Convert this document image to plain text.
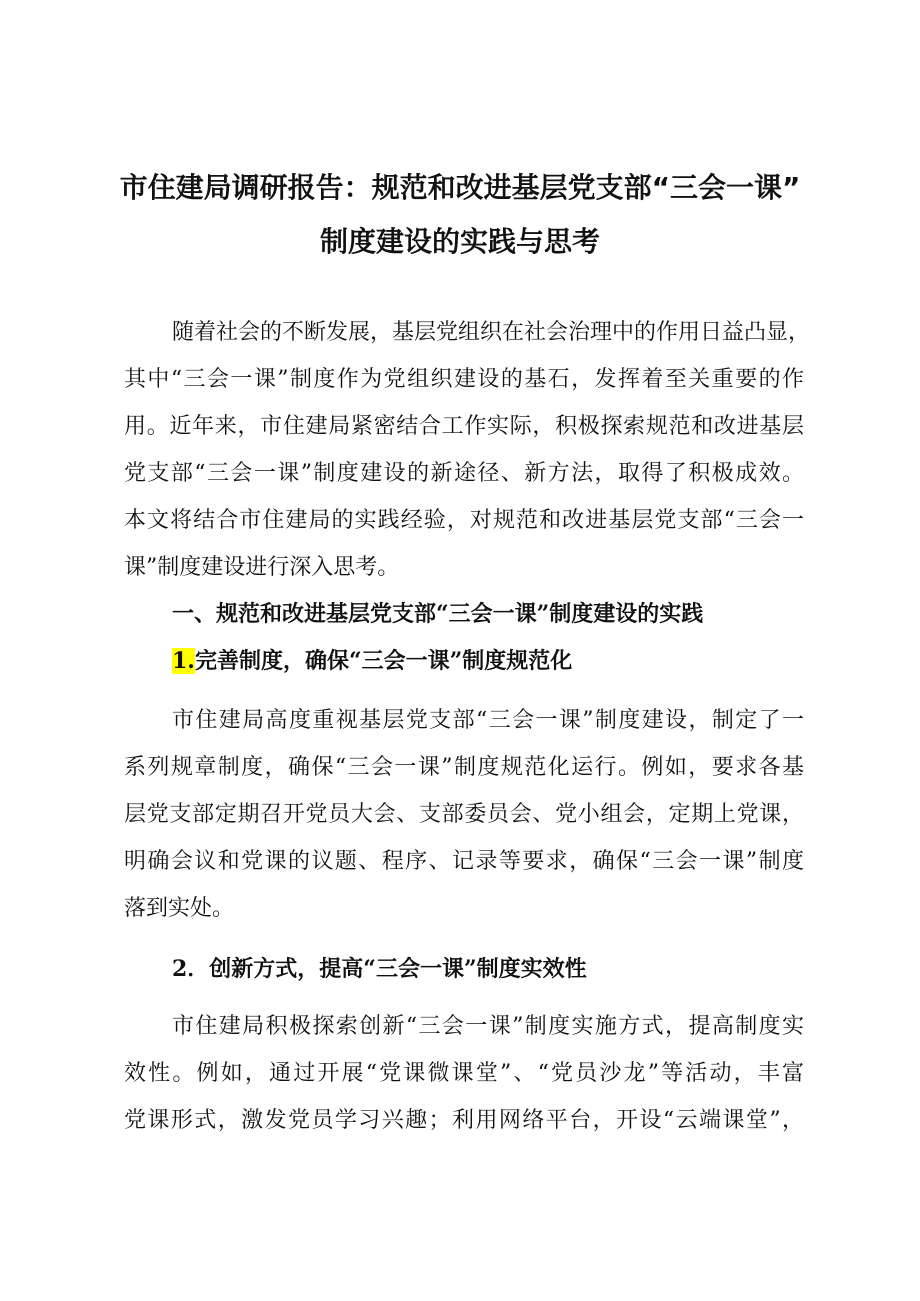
市住建局调研报告：规范和改进基层党支部“三会一课”
制度建设的实践与思考
随着社会的不断发展，基层党组织在社会治理中的作用日益凸显，
其中“三会一课”制度作为党组织建设的基石，发挥着至关重要的作
用。近年来，市住建局紧密结合工作实际，积极探索规范和改进基层
党支部“三会一课”制度建设的新途径、新方法，取得了积极成效。
本文将结合市住建局的实践经验，对规范和改进基层党支部“三会一
课”制度建设进行深入思考。
一、规范和改进基层党支部“三会一课”制度建设的实践
1.完善制度，确保“三会一课”制度规范化
市住建局高度重视基层党支部“三会一课”制度建设，制定了一
系列规章制度，确保“三会一课”制度规范化运行。例如，要求各基
层党支部定期召开党员大会、支部委员会、党小组会，定期上党课，
明确会议和党课的议题、程序、记录等要求，确保“三会一课”制度
落到实处。
2．创新方式，提高“三会一课”制度实效性
市住建局积极探索创新“三会一课”制度实施方式，提高制度实
效性。例如，通过开展“党课微课堂”、“党员沙龙”等活动，丰富
党课形式，激发党员学习兴趣；利用网络平台，开设“云端课堂”，
